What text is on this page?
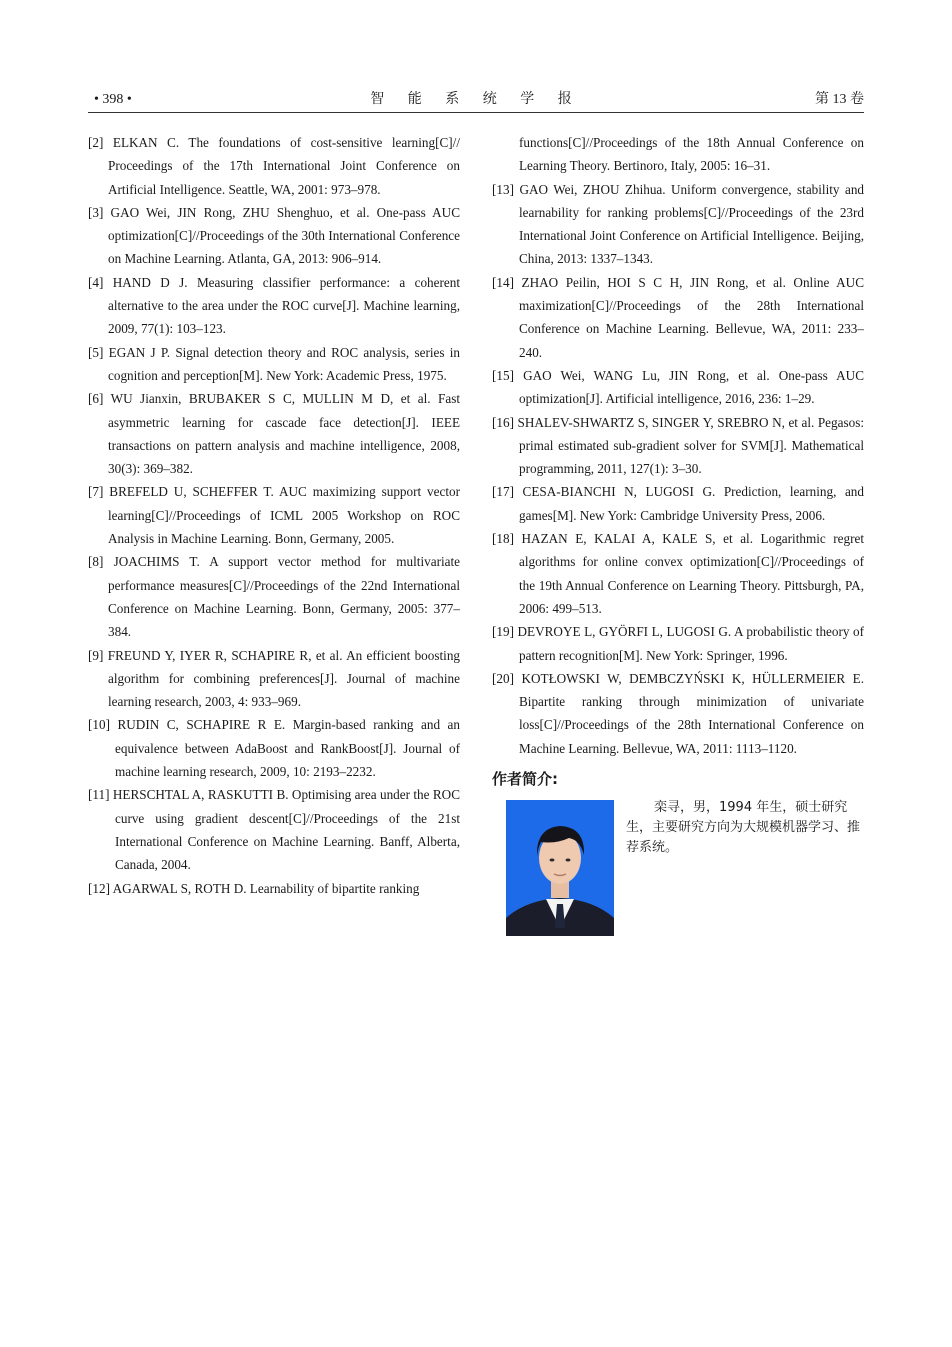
• 398 •	智 能 系 统 学 报	第 13 卷
[2] ELKAN C. The foundations of cost-sensitive learning[C]// Proceedings of the 17th International Joint Conference on Artificial Intelligence. Seattle, WA, 2001: 973–978.
[3] GAO Wei, JIN Rong, ZHU Shenghuo, et al. One-pass AUC optimization[C]//Proceedings of the 30th International Conference on Machine Learning. Atlanta, GA, 2013: 906–914.
[4] HAND D J. Measuring classifier performance: a coherent alternative to the area under the ROC curve[J]. Machine learning, 2009, 77(1): 103–123.
[5] EGAN J P. Signal detection theory and ROC analysis, series in cognition and perception[M]. New York: Academic Press, 1975.
[6] WU Jianxin, BRUBAKER S C, MULLIN M D, et al. Fast asymmetric learning for cascade face detection[J]. IEEE transactions on pattern analysis and machine intelligence, 2008, 30(3): 369–382.
[7] BREFELD U, SCHEFFER T. AUC maximizing support vector learning[C]//Proceedings of ICML 2005 Workshop on ROC Analysis in Machine Learning. Bonn, Germany, 2005.
[8] JOACHIMS T. A support vector method for multivariate performance measures[C]//Proceedings of the 22nd International Conference on Machine Learning. Bonn, Germany, 2005: 377–384.
[9] FREUND Y, IYER R, SCHAPIRE R, et al. An efficient boosting algorithm for combining preferences[J]. Journal of machine learning research, 2003, 4: 933–969.
[10] RUDIN C, SCHAPIRE R E. Margin-based ranking and an equivalence between AdaBoost and RankBoost[J]. Journal of machine learning research, 2009, 10: 2193–2232.
[11] HERSCHTAL A, RASKUTTI B. Optimising area under the ROC curve using gradient descent[C]//Proceedings of the 21st International Conference on Machine Learning. Banff, Alberta, Canada, 2004.
[12] AGARWAL S, ROTH D. Learnability of bipartite ranking
functions[C]//Proceedings of the 18th Annual Conference on Learning Theory. Bertinoro, Italy, 2005: 16–31.
[13] GAO Wei, ZHOU Zhihua. Uniform convergence, stability and learnability for ranking problems[C]//Proceedings of the 23rd International Joint Conference on Artificial Intelligence. Beijing, China, 2013: 1337–1343.
[14] ZHAO Peilin, HOI S C H, JIN Rong, et al. Online AUC maximization[C]//Proceedings of the 28th International Conference on Machine Learning. Bellevue, WA, 2011: 233–240.
[15] GAO Wei, WANG Lu, JIN Rong, et al. One-pass AUC optimization[J]. Artificial intelligence, 2016, 236: 1–29.
[16] SHALEV-SHWARTZ S, SINGER Y, SREBRO N, et al. Pegasos: primal estimated sub-gradient solver for SVM[J]. Mathematical programming, 2011, 127(1): 3–30.
[17] CESA-BIANCHI N, LUGOSI G. Prediction, learning, and games[M]. New York: Cambridge University Press, 2006.
[18] HAZAN E, KALAI A, KALE S, et al. Logarithmic regret algorithms for online convex optimization[C]//Proceedings of the 19th Annual Conference on Learning Theory. Pittsburgh, PA, 2006: 499–513.
[19] DEVROYE L, GYÖRFI L, LUGOSI G. A probabilistic theory of pattern recognition[M]. New York: Springer, 1996.
[20] KOTŁOWSKI W, DEMBCZYŃSKI K, HÜLLERMEIER E. Bipartite ranking through minimization of univariate loss[C]//Proceedings of the 28th International Conference on Machine Learning. Bellevue, WA, 2011: 1113–1120.
作者简介:
栾寻，男，1994 年生，硕士研究生，主要研究方向为大规模机器学习、推荐系统。
